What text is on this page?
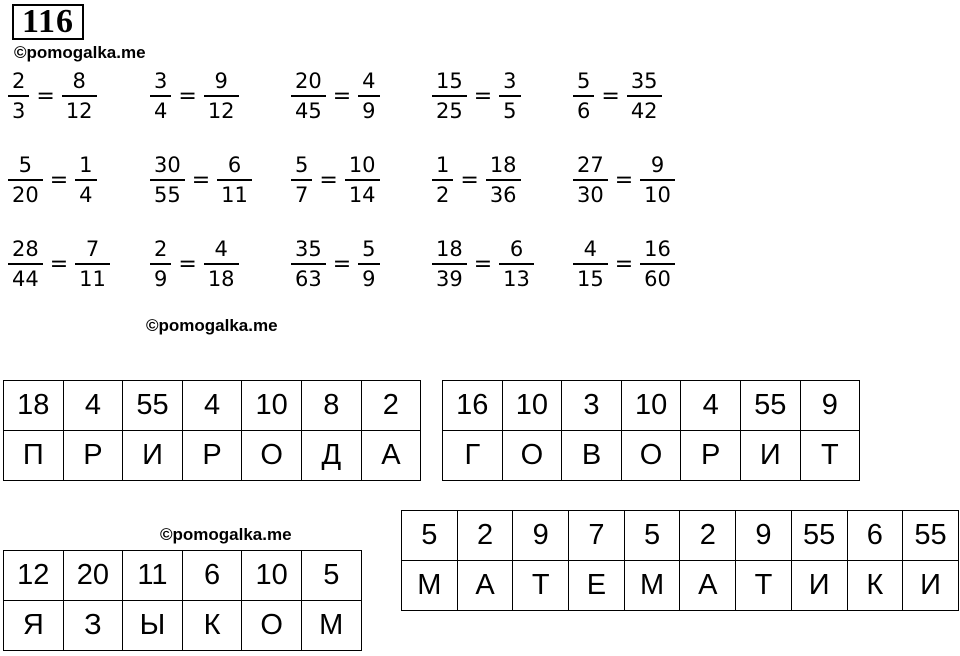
116
©pomogalka.me
$\frac{2}{3} = \frac{8}{12}$	$\frac{3}{4} = \frac{9}{12} \frac{20}{45} = \frac{4}{9} \frac{15}{25} = \frac{3}{5} \frac{5}{6} = \frac{35}{42}$
$\frac{5}{20} = \frac{1}{4}$	$\frac{30}{55} = \frac{6}{11} \frac{5}{7} = \frac{10}{14} \frac{1}{2} = \frac{18}{36} \frac{27}{30} = \frac{9}{10}$
$\frac{28}{44} = \frac{7}{11} \frac{2}{9} = \frac{4}{18} \frac{35}{63} = \frac{5}{9} \frac{18}{39} = \frac{6}{13} \frac{4}{15} = \frac{16}{60}$
©pomogalka.me
©pomogalka.me
18	4	55	4	10	8	2
П	Р	И	Р	О	Д	А
16	10	3	10	4	55	9
Г	О	В	О	Р	И	Т
12	20	11	6	10	5
Я	З	Ы	К	О	М
5	2	9	7	5	2	9	55	6	55
М	А	Т	Е	М	А	Т	И	К	И
